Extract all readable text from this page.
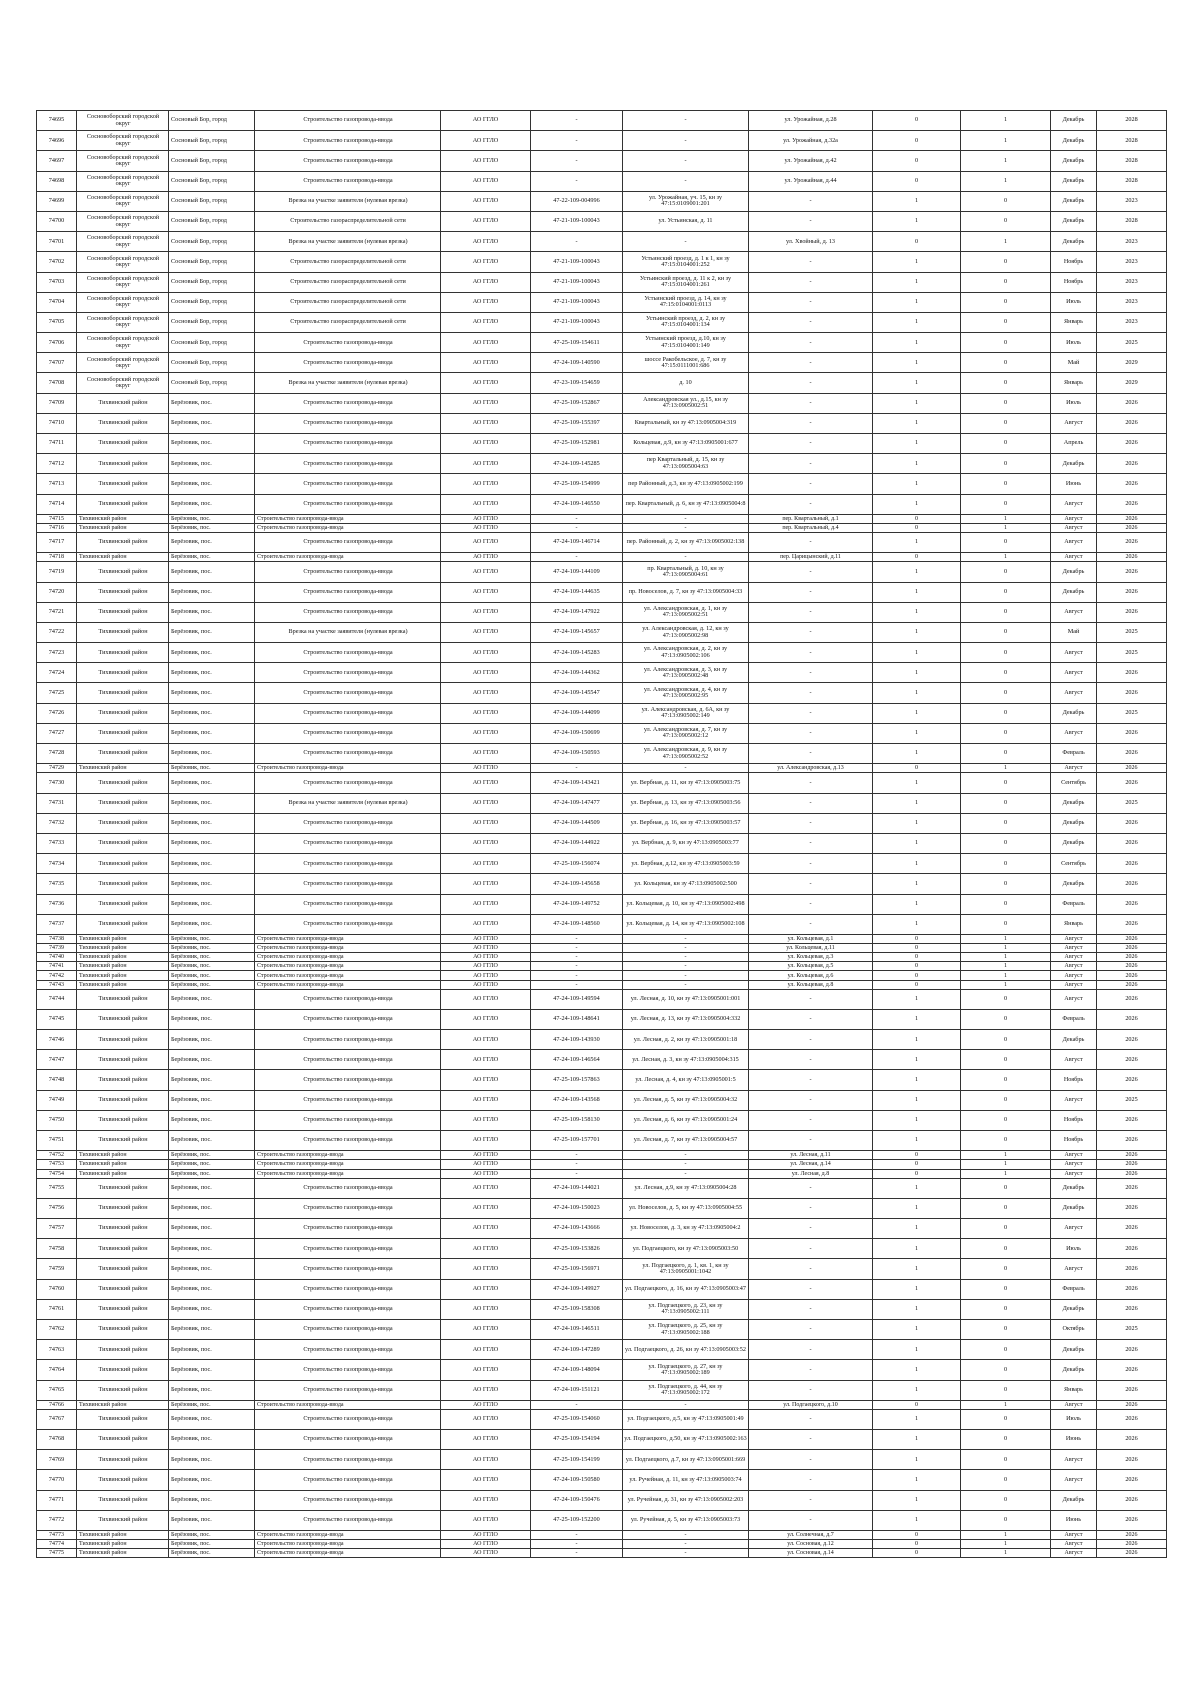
74695	Сосновоборский городской округ	Сосновый Бор, город	Строительство газопровода-ввода	АО ГГЛО	-	-	ул. Урожайная, д.28	0	1	Декабрь	2028
74696	Сосновоборский городской округ	Сосновый Бор, город	Строительство газопровода-ввода	АО ГГЛО	-	-	ул. Урожайная, д.32а	0	1	Декабрь	2028
74697	Сосновоборский городской округ	Сосновый Бор, город	Строительство газопровода-ввода	АО ГГЛО	-	-	ул. Урожайная, д.42	0	1	Декабрь	2028
74698	Сосновоборский городской округ	Сосновый Бор, город	Строительство газопровода-ввода	АО ГГЛО	-	-	ул. Урожайная, д.44	0	1	Декабрь	2028
74699	Сосновоборский городской округ	Сосновый Бор, город	Врезка на участке заявителя (нулевая врезка)	АО ГГЛО	47-22-109-004996	ул. Урожайная, уч. 15, кн зу 47:15:0109001:201	-	1	0	Декабрь	2023
74700	Сосновоборский городской округ	Сосновый Бор, город	Строительство газораспределительной сети	АО ГГЛО	47-21-109-100043	ул. Устьинская, д. 11	-	1	0	Декабрь	2028
74701	Сосновоборский городской округ	Сосновый Бор, город	Врезка на участке заявителя (нулевая врезка)	АО ГГЛО	-	-	ул. Хвойный, д. 13	0	1	Декабрь	2023
74702	Сосновоборский городской округ	Сосновый Бор, город	Строительство газораспределительной сети	АО ГГЛО	47-21-109-100043	Устьинский проезд, д. 1 к 1, кн зу 47:15:0104001:252	-	1	0	Ноябрь	2023
74703	Сосновоборский городской округ	Сосновый Бор, город	Строительство газораспределительной сети	АО ГГЛО	47-21-109-100043	Устьинский проезд, д. 11 к 2, кн зу 47:15:0104001:261	-	1	0	Ноябрь	2023
74704	Сосновоборский городской округ	Сосновый Бор, город	Строительство газораспределительной сети	АО ГГЛО	47-21-109-100043	Устьинский проезд, д. 14, кн зу 47:15:0104001:0113	-	1	0	Июль	2023
74705	Сосновоборский городской округ	Сосновый Бор, город	Строительство газораспределительной сети	АО ГГЛО	47-21-109-100043	Устьинский проезд, д. 2, кн зу 47:15:0104001:134	-	1	0	Январь	2023
74706	Сосновоборский городской округ	Сосновый Бор, город	Строительство газопровода-ввода	АО ГГЛО	47-25-109-154611	Устьинский проезд, д.10, кн зу 47:15:0104001:149	-	1	0	Июль	2025
74707	Сосновоборский городской округ	Сосновый Бор, город	Строительство газопровода-ввода	АО ГГЛО	47-24-109-140590	шоссе Ракобельское, д. 7, кн зу 47:15:0111001:686	-	1	0	Май	2029
74708	Сосновоборский городской округ	Сосновый Бор, город	Врезка на участке заявителя (нулевая врезка)	АО ГГЛО	47-23-109-154659	д. 10	-	1	0	Январь	2029
74709	Тихвинский район	Берёзовик, пос.	Строительство газопровода-ввода	АО ГГЛО	47-25-109-152867	Александровская ул., д.15, кн зу 47:13:0905002:51	-	1	0	Июль	2026
74710	Тихвинский район	Берёзовик, пос.	Строительство газопровода-ввода	АО ГГЛО	47-25-109-155397	Квартальный, кн зу 47:13:0905004:319	-	1	0	Август	2026
74711	Тихвинский район	Берёзовик, пос.	Строительство газопровода-ввода	АО ГГЛО	47-25-109-152981	Кольцевая, д.9, кн зу 47:13:0905001:677	-	1	0	Апрель	2026
74712	Тихвинский район	Берёзовик, пос.	Строительство газопровода-ввода	АО ГГЛО	47-24-109-145285	пер Квартальный, д. 15, кн зу 47:13:0905004:63	-	1	0	Декабрь	2026
74713	Тихвинский район	Берёзовик, пос.	Строительство газопровода-ввода	АО ГГЛО	47-25-109-154999	пер Районный, д.3, кн зу 47:13:0905002:199	-	1	0	Июнь	2026
74714	Тихвинский район	Берёзовик, пос.	Строительство газопровода-ввода	АО ГГЛО	47-24-109-146550	пер. Квартальный, д. 6, кн зу 47:13:0905004:8	-	1	0	Август	2026
74715	Тихвинский район	Берёзовик, пос.	Строительство газопровода-ввода	АО ГГЛО	-	-	пер. Квартальный, д.1	0	1	Август	2026
74716	Тихвинский район	Берёзовик, пос.	Строительство газопровода-ввода	АО ГГЛО	-	-	пер. Квартальный, д.4	0	1	Август	2026
74717	Тихвинский район	Берёзовик, пос.	Строительство газопровода-ввода	АО ГГЛО	47-24-109-146714	пер. Районный, д. 2, кн зу 47:13:0905002:138	-	1	0	Август	2026
74718	Тихвинский район	Берёзовик, пос.	Строительство газопровода-ввода	АО ГГЛО	-	-	пер. Царицынский, д.11	0	1	Август	2026
74719	Тихвинский район	Берёзовик, пос.	Строительство газопровода-ввода	АО ГГЛО	47-24-109-144109	пр. Квартальный, д. 10, кн зу 47:13:0905004:61	-	1	0	Декабрь	2026
74720	Тихвинский район	Берёзовик, пос.	Строительство газопровода-ввода	АО ГГЛО	47-24-109-144635	пр. Новоселов, д. 7, кн зу 47:13:0905004:33	-	1	0	Декабрь	2026
74721	Тихвинский район	Берёзовик, пос.	Строительство газопровода-ввода	АО ГГЛО	47-24-109-147922	ул. Александровская, д. 1, кн зу 47:13:0905002:51	-	1	0	Август	2026
74722	Тихвинский район	Берёзовик, пос.	Врезка на участке заявителя (нулевая врезка)	АО ГГЛО	47-24-109-145657	ул. Александровская, д. 12, кн зу 47:13:0905002:98	-	1	0	Май	2025
74723	Тихвинский район	Берёзовик, пос.	Строительство газопровода-ввода	АО ГГЛО	47-24-109-145283	ул. Александровская, д. 2, кн зу 47:13:0905002:106	-	1	0	Август	2025
74724	Тихвинский район	Берёзовик, пос.	Строительство газопровода-ввода	АО ГГЛО	47-24-109-144362	ул. Александровская, д. 3, кн зу 47:13:0905002:48	-	1	0	Август	2026
74725	Тихвинский район	Берёзовик, пос.	Строительство газопровода-ввода	АО ГГЛО	47-24-109-145547	ул. Александровская, д. 4, кн зу 47:13:0905002:95	-	1	0	Август	2026
74726	Тихвинский район	Берёзовик, пос.	Строительство газопровода-ввода	АО ГГЛО	47-24-109-144099	ул. Александровская, д. 6А, кн зу 47:13:0905002:149	-	1	0	Декабрь	2025
74727	Тихвинский район	Берёзовик, пос.	Строительство газопровода-ввода	АО ГГЛО	47-24-109-150699	ул. Александровская, д. 7, кн зу 47:13:0905002:12	-	1	0	Август	2026
74728	Тихвинский район	Берёзовик, пос.	Строительство газопровода-ввода	АО ГГЛО	47-24-109-150593	ул. Александровская, д. 9, кн зу 47:13:0905002:52	-	1	0	Февраль	2026
74729	Тихвинский район	Берёзовик, пос.	Строительство газопровода-ввода	АО ГГЛО	-	-	ул. Александровская, д.13	0	1	Август	2026
74730	Тихвинский район	Берёзовик, пос.	Строительство газопровода-ввода	АО ГГЛО	47-24-109-143421	ул. Вербная, д. 11, кн зу 47:13:0905003:75	-	1	0	Сентябрь	2026
74731	Тихвинский район	Берёзовик, пос.	Врезка на участке заявителя (нулевая врезка)	АО ГГЛО	47-24-109-147477	ул. Вербная, д. 13, кн зу 47:13:0905003:56	-	1	0	Декабрь	2025
74732	Тихвинский район	Берёзовик, пос.	Строительство газопровода-ввода	АО ГГЛО	47-24-109-144509	ул. Вербная, д. 16, кн зу 47:13:0905003:57	-	1	0	Декабрь	2026
74733	Тихвинский район	Берёзовик, пос.	Строительство газопровода-ввода	АО ГГЛО	47-24-109-144922	ул. Вербная, д. 9, кн зу 47:13:0905003:77	-	1	0	Декабрь	2026
74734	Тихвинский район	Берёзовик, пос.	Строительство газопровода-ввода	АО ГГЛО	47-25-109-156074	ул. Вербная, д.12, кн зу 47:13:0905003:59	-	1	0	Сентябрь	2026
74735	Тихвинский район	Берёзовик, пос.	Строительство газопровода-ввода	АО ГГЛО	47-24-109-145658	ул. Кольцевая, кн зу 47:13:0905002:500	-	1	0	Декабрь	2026
74736	Тихвинский район	Берёзовик, пос.	Строительство газопровода-ввода	АО ГГЛО	47-24-109-149752	ул. Кольцевая, д. 10, кн зу 47:13:0905002:498	-	1	0	Февраль	2026
74737	Тихвинский район	Берёзовик, пос.	Строительство газопровода-ввода	АО ГГЛО	47-24-109-148560	ул. Кольцевая, д. 14, кн зу 47:13:0905002:108	-	1	0	Январь	2026
74738	Тихвинский район	Берёзовик, пос.	Строительство газопровода-ввода	АО ГГЛО	-	-	ул. Кольцевая, д.1	0	1	Август	2026
74739	Тихвинский район	Берёзовик, пос.	Строительство газопровода-ввода	АО ГГЛО	-	-	ул. Кольцевая, д.11	0	1	Август	2026
74740	Тихвинский район	Берёзовик, пос.	Строительство газопровода-ввода	АО ГГЛО	-	-	ул. Кольцевая, д.3	0	1	Август	2026
74741	Тихвинский район	Берёзовик, пос.	Строительство газопровода-ввода	АО ГГЛО	-	-	ул. Кольцевая, д.5	0	1	Август	2026
74742	Тихвинский район	Берёзовик, пос.	Строительство газопровода-ввода	АО ГГЛО	-	-	ул. Кольцевая, д.6	0	1	Август	2026
74743	Тихвинский район	Берёзовик, пос.	Строительство газопровода-ввода	АО ГГЛО	-	-	ул. Кольцевая, д.8	0	1	Август	2026
74744	Тихвинский район	Берёзовик, пос.	Строительство газопровода-ввода	АО ГГЛО	47-24-109-149594	ул. Лесная, д. 10, кн зу 47:13:0905001:001	-	1	0	Август	2026
74745	Тихвинский район	Берёзовик, пос.	Строительство газопровода-ввода	АО ГГЛО	47-24-109-148641	ул. Лесная, д. 13, кн зу 47:13:0905004:332	-	1	0	Февраль	2026
74746	Тихвинский район	Берёзовик, пос.	Строительство газопровода-ввода	АО ГГЛО	47-24-109-143930	ул. Лесная, д. 2, кн зу 47:13:0905001:18	-	1	0	Декабрь	2026
74747	Тихвинский район	Берёзовик, пос.	Строительство газопровода-ввода	АО ГГЛО	47-24-109-146564	ул. Лесная, д. 3, кн зу 47:13:0905004:315	-	1	0	Август	2026
74748	Тихвинский район	Берёзовик, пос.	Строительство газопровода-ввода	АО ГГЛО	47-25-109-157863	ул. Лесная, д. 4, кн зу 47:13:0905001:5	-	1	0	Ноябрь	2026
74749	Тихвинский район	Берёзовик, пос.	Строительство газопровода-ввода	АО ГГЛО	47-24-109-143568	ул. Лесная, д. 5, кн зу 47:13:0905004:32	-	1	0	Август	2025
74750	Тихвинский район	Берёзовик, пос.	Строительство газопровода-ввода	АО ГГЛО	47-25-109-158130	ул. Лесная, д. 6, кн зу 47:13:0905001:24	-	1	0	Ноябрь	2026
74751	Тихвинский район	Берёзовик, пос.	Строительство газопровода-ввода	АО ГГЛО	47-25-109-157701	ул. Лесная, д. 7, кн зу 47:13:0905004:57	-	1	0	Ноябрь	2026
74752	Тихвинский район	Берёзовик, пос.	Строительство газопровода-ввода	АО ГГЛО	-	-	ул. Лесная, д.11	0	1	Август	2026
74753	Тихвинский район	Берёзовик, пос.	Строительство газопровода-ввода	АО ГГЛО	-	-	ул. Лесная, д.14	0	1	Август	2026
74754	Тихвинский район	Берёзовик, пос.	Строительство газопровода-ввода	АО ГГЛО	-	-	ул. Лесная, д.8	0	1	Август	2026
74755	Тихвинский район	Берёзовик, пос.	Строительство газопровода-ввода	АО ГГЛО	47-24-109-144021	ул. Лесная, д.9, кн зу 47:13:0905004:28	-	1	0	Декабрь	2026
74756	Тихвинский район	Берёзовик, пос.	Строительство газопровода-ввода	АО ГГЛО	47-24-109-150023	ул. Новоселов, д. 5, кн зу 47:13:0905004:55	-	1	0	Декабрь	2026
74757	Тихвинский район	Берёзовик, пос.	Строительство газопровода-ввода	АО ГГЛО	47-24-109-143666	ул. Новоселов, д. 3, кн зу 47:13:0905004:2	-	1	0	Август	2026
74758	Тихвинский район	Берёзовик, пос.	Строительство газопровода-ввода	АО ГГЛО	47-25-109-153826	ул. Подгаецкого, кн зу 47:13:0905003:50	-	1	0	Июль	2026
74759	Тихвинский район	Берёзовик, пос.	Строительство газопровода-ввода	АО ГГЛО	47-25-109-156971	ул. Подгаецкого, д. 1, кв. 1, кн зу 47:13:0905001:1042	-	1	0	Август	2026
74760	Тихвинский район	Берёзовик, пос.	Строительство газопровода-ввода	АО ГГЛО	47-24-109-149927	ул. Подгаецкого, д. 16, кн зу 47:13:0905003:47	-	1	0	Февраль	2026
74761	Тихвинский район	Берёзовик, пос.	Строительство газопровода-ввода	АО ГГЛО	47-25-109-158308	ул. Подгаецкого, д. 23, кн зу 47:13:0905002:111	-	1	0	Декабрь	2026
74762	Тихвинский район	Берёзовик, пос.	Строительство газопровода-ввода	АО ГГЛО	47-24-109-146511	ул. Подгаецкого, д. 25, кн зу 47:13:0905002:188	-	1	0	Октябрь	2025
74763	Тихвинский район	Берёзовик, пос.	Строительство газопровода-ввода	АО ГГЛО	47-24-109-147289	ул. Подгаецкого, д. 26, кн зу 47:13:0905003:52	-	1	0	Декабрь	2026
74764	Тихвинский район	Берёзовик, пос.	Строительство газопровода-ввода	АО ГГЛО	47-24-109-148094	ул. Подгаецкого, д. 27, кн зу 47:13:0905002:189	-	1	0	Декабрь	2026
74765	Тихвинский район	Берёзовик, пос.	Строительство газопровода-ввода	АО ГГЛО	47-24-109-151121	ул. Подгаецкого, д. 44, кн зу 47:13:0905002:172	-	1	0	Январь	2026
74766	Тихвинский район	Берёзовик, пос.	Строительство газопровода-ввода	АО ГГЛО	-	-	ул. Подгаецкого, д.10	0	1	Август	2026
74767	Тихвинский район	Берёзовик, пос.	Строительство газопровода-ввода	АО ГГЛО	47-25-109-154060	ул. Подгаецкого, д.5, кн зу 47:13:0905001:49	-	1	0	Июль	2026
74768	Тихвинский район	Берёзовик, пос.	Строительство газопровода-ввода	АО ГГЛО	47-25-109-154194	ул. Подгаецкого, д.50, кн зу 47:13:0905002:163	-	1	0	Июнь	2026
74769	Тихвинский район	Берёзовик, пос.	Строительство газопровода-ввода	АО ГГЛО	47-25-109-154199	ул. Подгаецкого, д.7, кн зу 47:13:0905001:669	-	1	0	Август	2026
74770	Тихвинский район	Берёзовик, пос.	Строительство газопровода-ввода	АО ГГЛО	47-24-109-150580	ул. Ручейная, д. 11, кн зу 47:13:0905003:74	-	1	0	Август	2026
74771	Тихвинский район	Берёзовик, пос.	Строительство газопровода-ввода	АО ГГЛО	47-24-109-150476	ул. Ручейная, д. 31, кн зу 47:13:0905002:203	-	1	0	Декабрь	2026
74772	Тихвинский район	Берёзовик, пос.	Строительство газопровода-ввода	АО ГГЛО	47-25-109-152200	ул. Ручейная, д. 5, кн зу 47:13:0905003:73	-	1	0	Июнь	2026
74773	Тихвинский район	Берёзовик, пос.	Строительство газопровода-ввода	АО ГГЛО	-	-	ул. Солнечная, д.7	0	1	Август	2026
74774	Тихвинский район	Берёзовик, пос.	Строительство газопровода-ввода	АО ГГЛО	-	-	ул. Сосновая, д.12	0	1	Август	2026
74775	Тихвинский район	Берёзовик, пос.	Строительство газопровода-ввода	АО ГГЛО	-	-	ул. Сосновая, д.14	0	1	Август	2026
